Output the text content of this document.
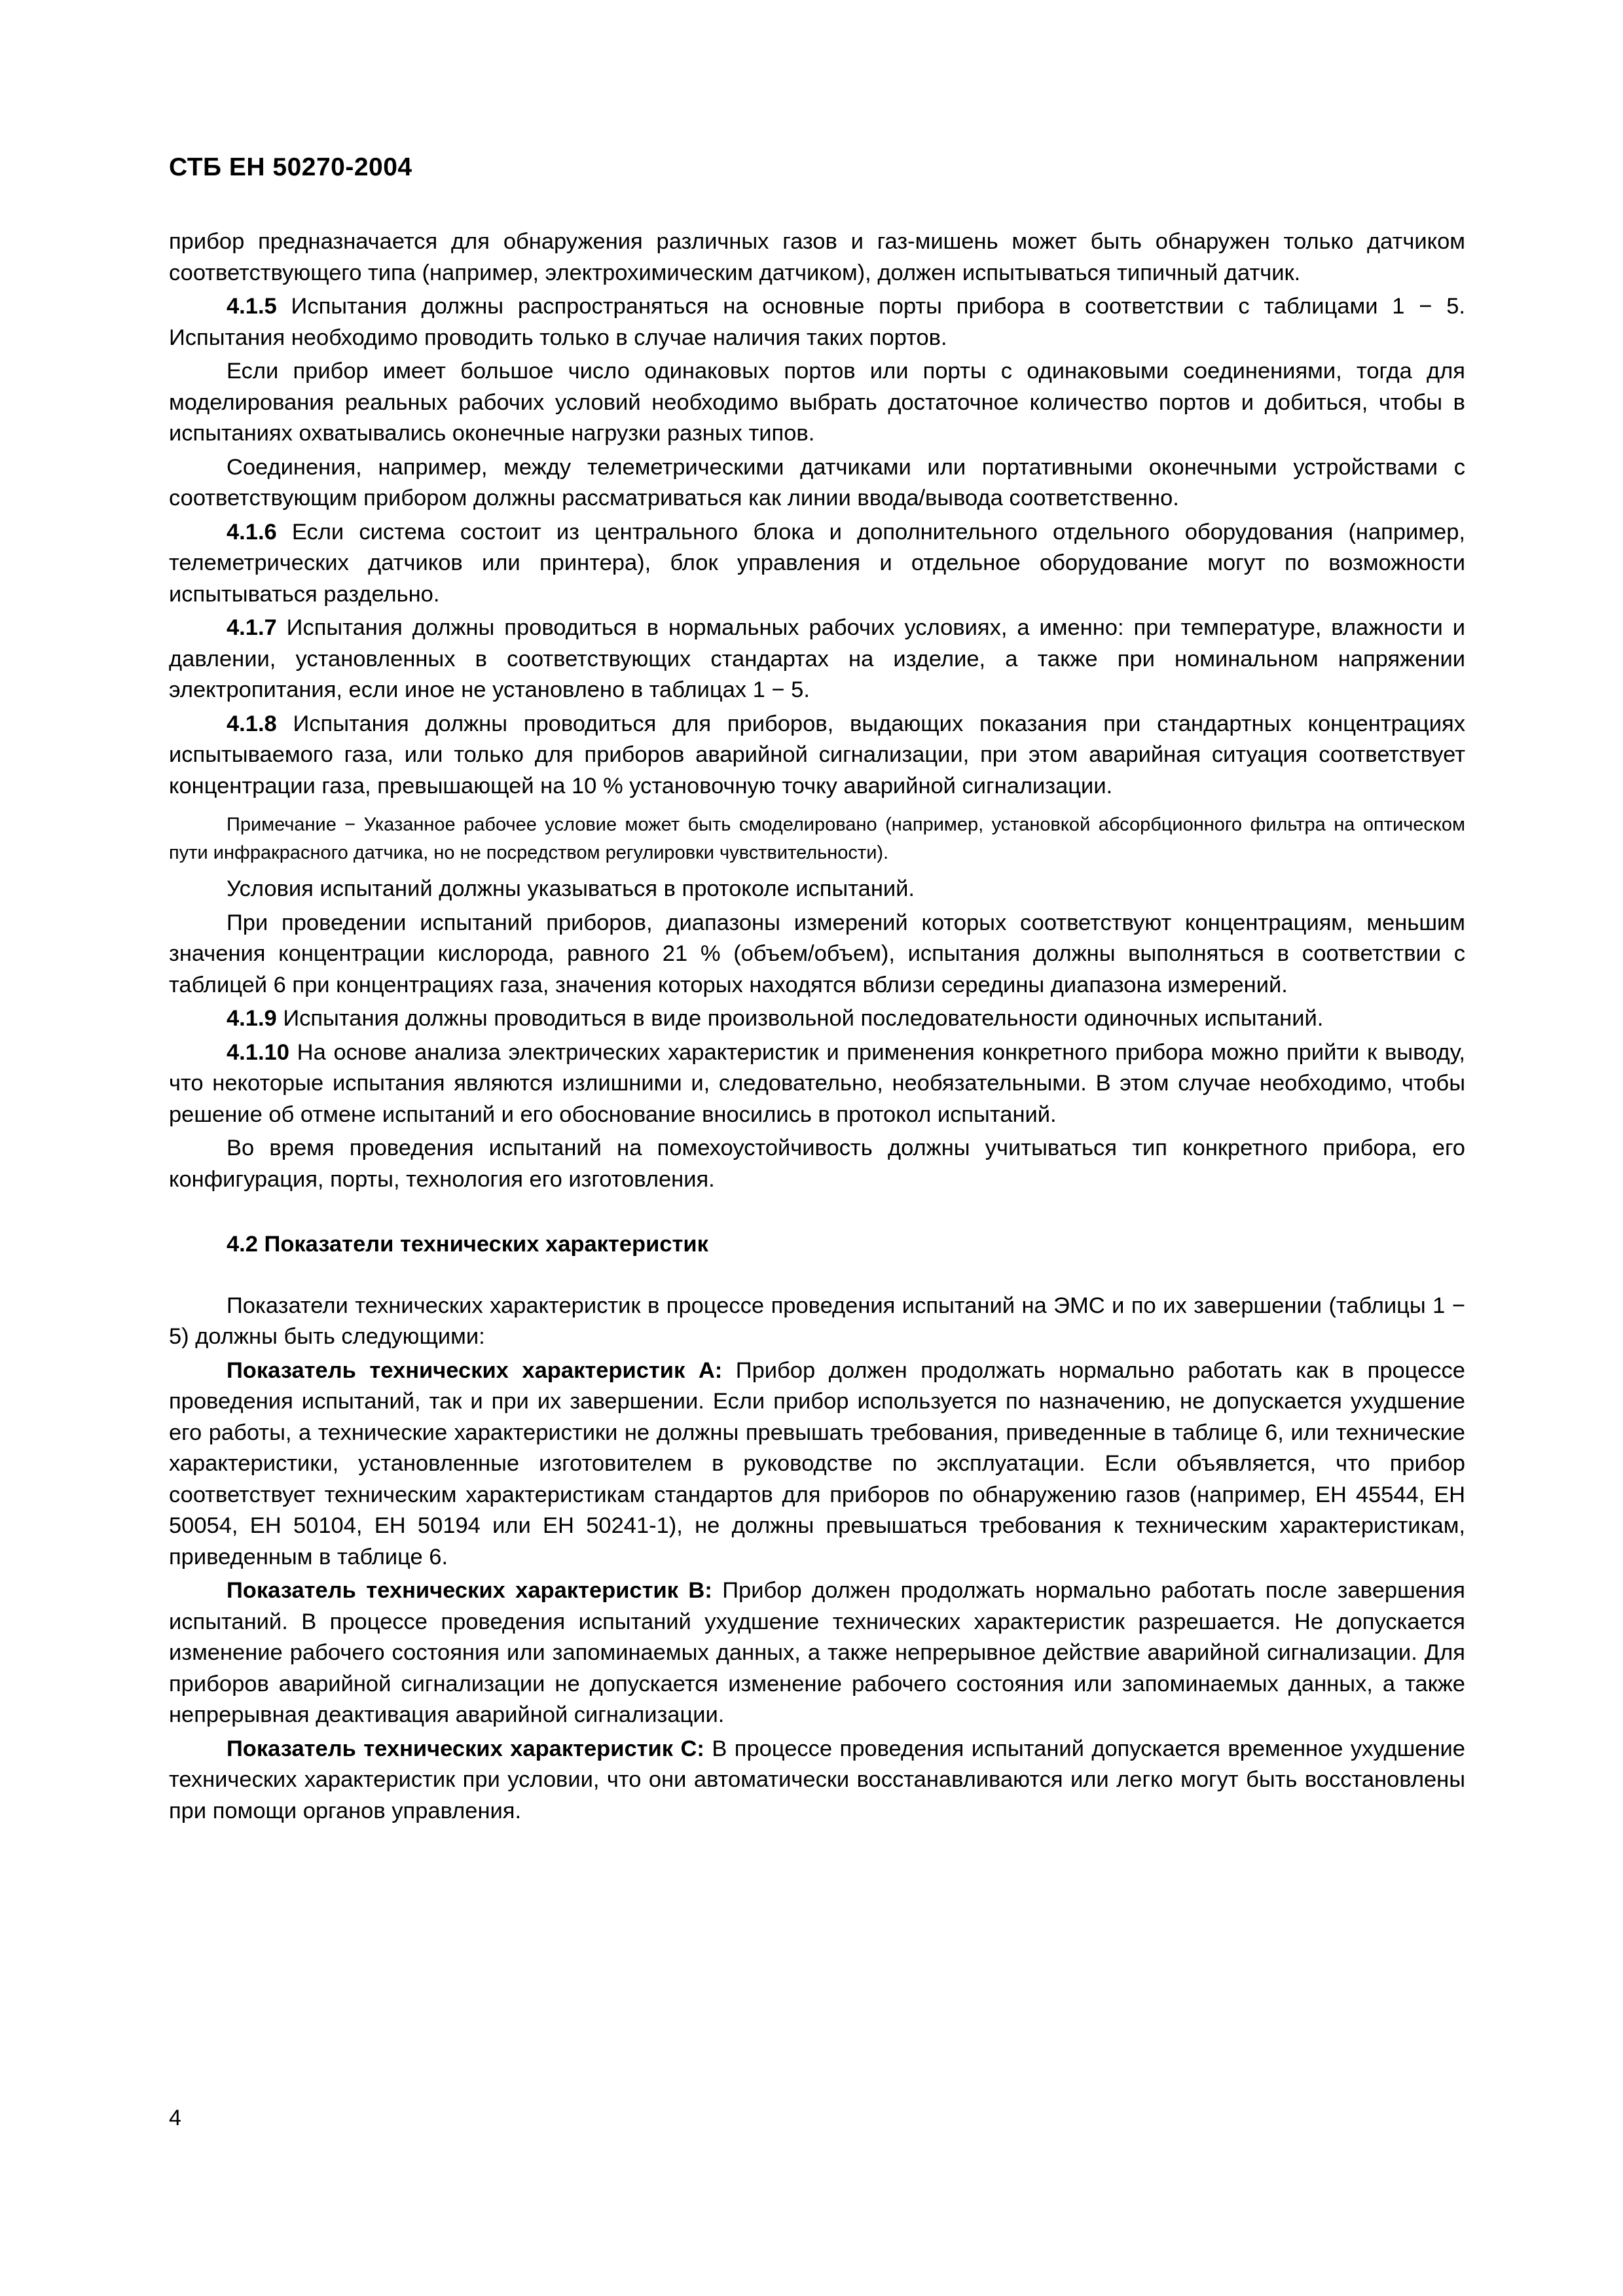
СТБ ЕН 50270-2004

прибор предназначается для обнаружения различных газов и газ-мишень может быть обнаружен только датчиком соответствующего типа (например, электрохимическим датчиком), должен испытываться типичный датчик.

4.1.5 Испытания должны распространяться на основные порты прибора в соответствии с таблицами 1 − 5. Испытания необходимо проводить только в случае наличия таких портов.

Если прибор имеет большое число одинаковых портов или порты с одинаковыми соединениями, тогда для моделирования реальных рабочих условий необходимо выбрать достаточное количество портов и добиться, чтобы в испытаниях охватывались оконечные нагрузки разных типов.

Соединения, например, между телеметрическими датчиками или портативными оконечными устройствами с соответствующим прибором должны рассматриваться как линии ввода/вывода соответственно.

4.1.6 Если система состоит из центрального блока и дополнительного отдельного оборудования (например, телеметрических датчиков или принтера), блок управления и отдельное оборудование могут по возможности испытываться раздельно.

4.1.7 Испытания должны проводиться в нормальных рабочих условиях, а именно: при температуре, влажности и давлении, установленных в соответствующих стандартах на изделие, а также при номинальном напряжении электропитания, если иное не установлено в таблицах 1 − 5.

4.1.8 Испытания должны проводиться для приборов, выдающих показания при стандартных концентрациях испытываемого газа, или только для приборов аварийной сигнализации, при этом аварийная ситуация соответствует концентрации газа, превышающей на 10 % установочную точку аварийной сигнализации.

Примечание − Указанное рабочее условие может быть смоделировано (например, установкой абсорбционного фильтра на оптическом пути инфракрасного датчика, но не посредством регулировки чувствительности).

Условия испытаний должны указываться в протоколе испытаний.

При проведении испытаний приборов, диапазоны измерений которых соответствуют концентрациям, меньшим значения концентрации кислорода, равного 21 % (объем/объем), испытания должны выполняться в соответствии с таблицей 6 при концентрациях газа, значения которых находятся вблизи середины диапазона измерений.

4.1.9 Испытания должны проводиться в виде произвольной последовательности одиночных испытаний.

4.1.10 На основе анализа электрических характеристик и применения конкретного прибора можно прийти к выводу, что некоторые испытания являются излишними и, следовательно, необязательными. В этом случае необходимо, чтобы решение об отмене испытаний и его обоснование вносились в протокол испытаний.

Во время проведения испытаний на помехоустойчивость должны учитываться тип конкретного прибора, его конфигурация, порты, технология его изготовления.

4.2 Показатели технических характеристик

Показатели технических характеристик в процессе проведения испытаний на ЭМС и по их завершении (таблицы 1 − 5) должны быть следующими:

Показатель технических характеристик А: Прибор должен продолжать нормально работать как в процессе проведения испытаний, так и при их завершении. Если прибор используется по назначению, не допускается ухудшение его работы, а технические характеристики не должны превышать требования, приведенные в таблице 6, или технические характеристики, установленные изготовителем в руководстве по эксплуатации. Если объявляется, что прибор соответствует техническим характеристикам стандартов для приборов по обнаружению газов (например, ЕН 45544, ЕН 50054, ЕН 50104, ЕН 50194 или ЕН 50241-1), не должны превышаться требования к техническим характеристикам, приведенным в таблице 6.

Показатель технических характеристик В: Прибор должен продолжать нормально работать после завершения испытаний. В процессе проведения испытаний ухудшение технических характеристик разрешается. Не допускается изменение рабочего состояния или запоминаемых данных, а также непрерывное действие аварийной сигнализации. Для приборов аварийной сигнализации не допускается изменение рабочего состояния или запоминаемых данных, а также непрерывная деактивация аварийной сигнализации.

Показатель технических характеристик С: В процессе проведения испытаний допускается временное ухудшение технических характеристик при условии, что они автоматически восстанавливаются или легко могут быть восстановлены при помощи органов управления.

4
